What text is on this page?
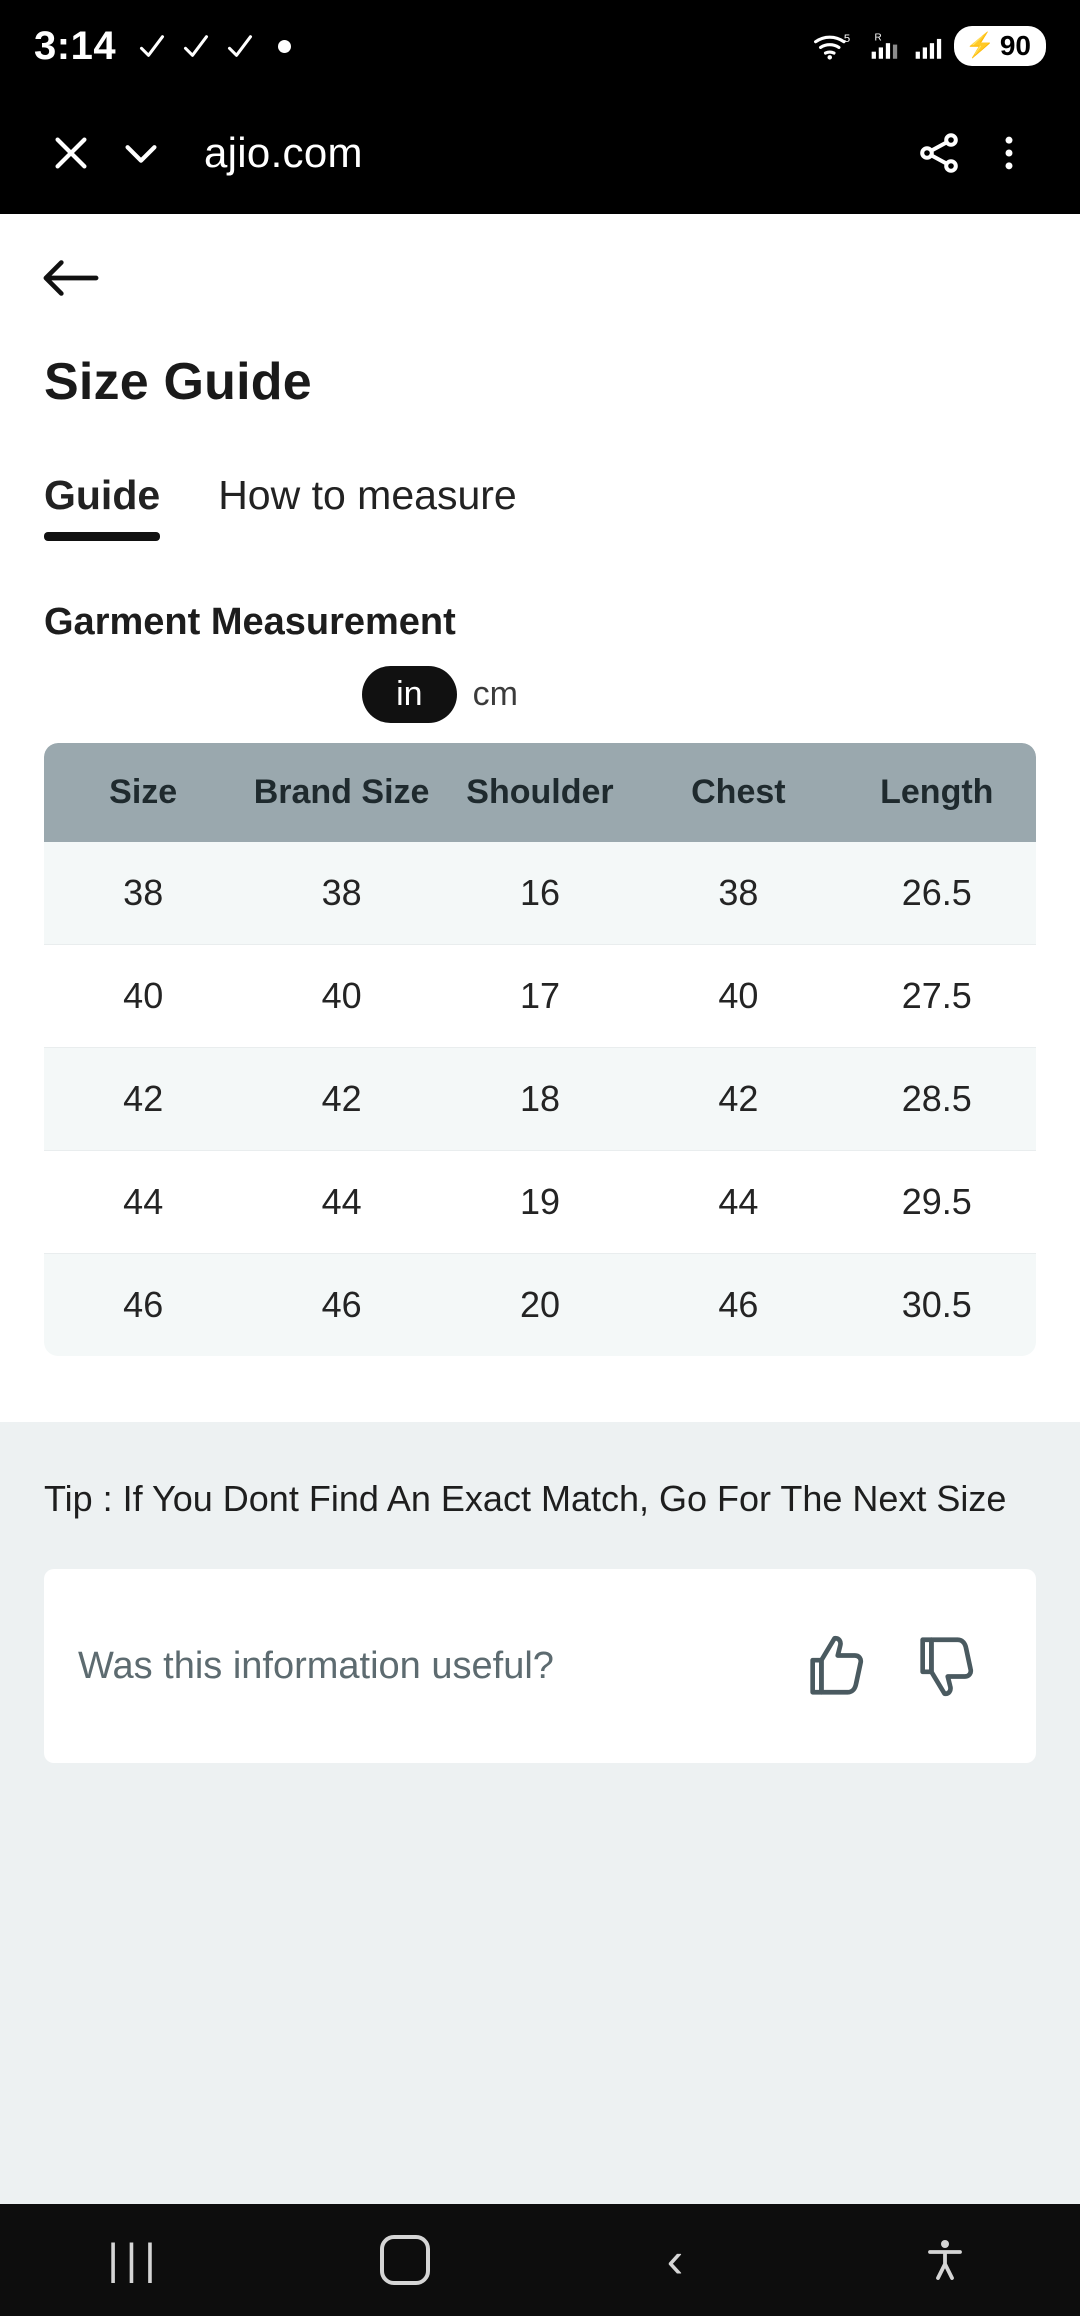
3:14	5	R	⚡ 90
ajio.com
Size Guide
Guide How to measure
Garment Measurement
in	cm
Size	Brand Size	Shoulder	Chest	Length
38	38	16	38	26.5
40	40	17	40	27.5
42	42	18	42	28.5
44	44	19	44	29.5
46	46	20	46	30.5
Tip : If You Dont Find An Exact Match, Go For The Next Size
Was this information useful?
|||	‹
